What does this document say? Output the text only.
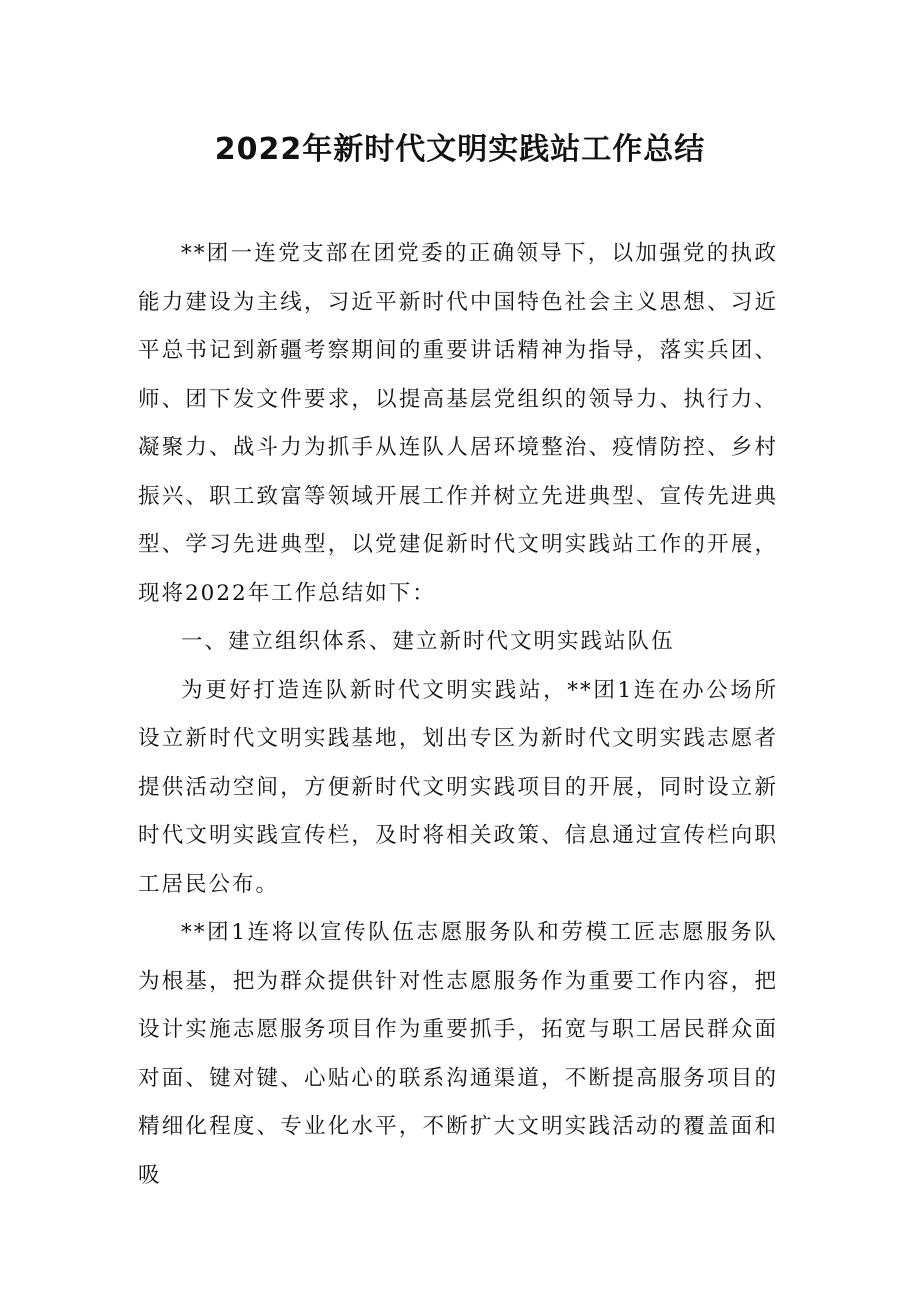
2022年新时代文明实践站工作总结

**团一连党支部在团党委的正确领导下，以加强党的执政能力建设为主线，习近平新时代中国特色社会主义思想、习近平总书记到新疆考察期间的重要讲话精神为指导，落实兵团、师、团下发文件要求，以提高基层党组织的领导力、执行力、凝聚力、战斗力为抓手从连队人居环境整治、疫情防控、乡村振兴、职工致富等领域开展工作并树立先进典型、宣传先进典型、学习先进典型，以党建促新时代文明实践站工作的开展，现将2022年工作总结如下：

一、建立组织体系、建立新时代文明实践站队伍

为更好打造连队新时代文明实践站，**团1连在办公场所设立新时代文明实践基地，划出专区为新时代文明实践志愿者提供活动空间，方便新时代文明实践项目的开展，同时设立新时代文明实践宣传栏，及时将相关政策、信息通过宣传栏向职工居民公布。

**团1连将以宣传队伍志愿服务队和劳模工匠志愿服务队为根基，把为群众提供针对性志愿服务作为重要工作内容，把设计实施志愿服务项目作为重要抓手，拓宽与职工居民群众面对面、键对键、心贴心的联系沟通渠道，不断提高服务项目的精细化程度、专业化水平，不断扩大文明实践活动的覆盖面和吸
